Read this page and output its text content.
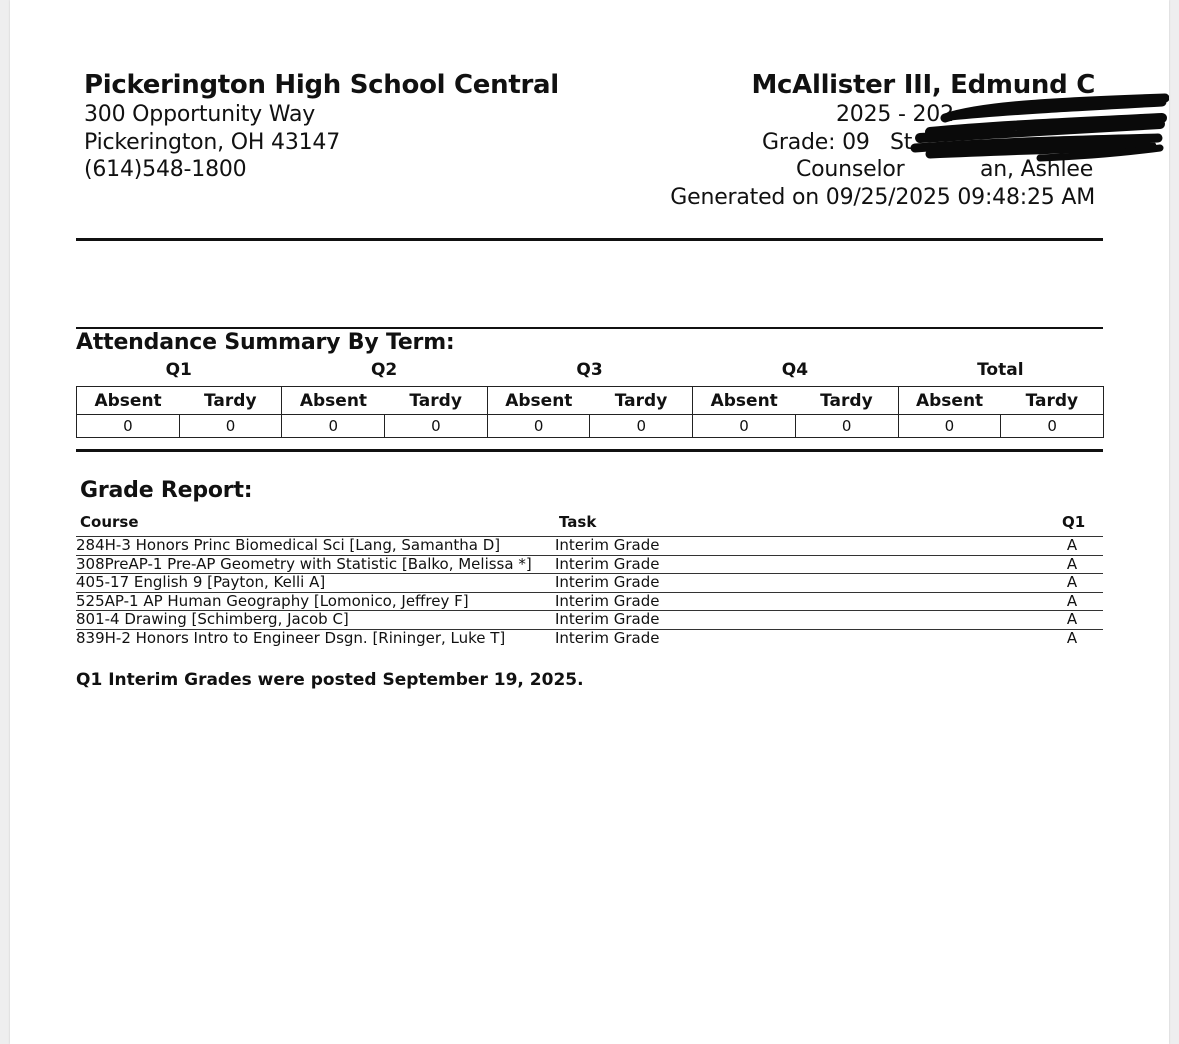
Pickerington High School Central
300 Opportunity Way
Pickerington, OH 43147
(614)548-1800
McAllister III, Edmund C
2025 - 202
Grade: 09 St
Counselor	an, Ashlee
Generated on 09/25/2025 09:48:25 AM
Attendance Summary By Term:
Q1	Q2	Q3	Q4	Total
Absent	Tardy	Absent	Tardy	Absent	Tardy	Absent	Tardy	Absent	Tardy
0	0	0	0	0	0	0	0	0	0
Grade Report:
Course	Task	Q1
284H-3 Honors Princ Biomedical Sci [Lang, Samantha D]	Interim Grade	A
308PreAP-1 Pre-AP Geometry with Statistic [Balko, Melissa *] Interim Grade	A
405-17 English 9 [Payton, Kelli A]	Interim Grade	A
525AP-1 AP Human Geography [Lomonico, Jeffrey F]	Interim Grade	A
801-4 Drawing [Schimberg, Jacob C]	Interim Grade	A
839H-2 Honors Intro to Engineer Dsgn. [Rininger, Luke T]	Interim Grade	A
Q1 Interim Grades were posted September 19, 2025.
